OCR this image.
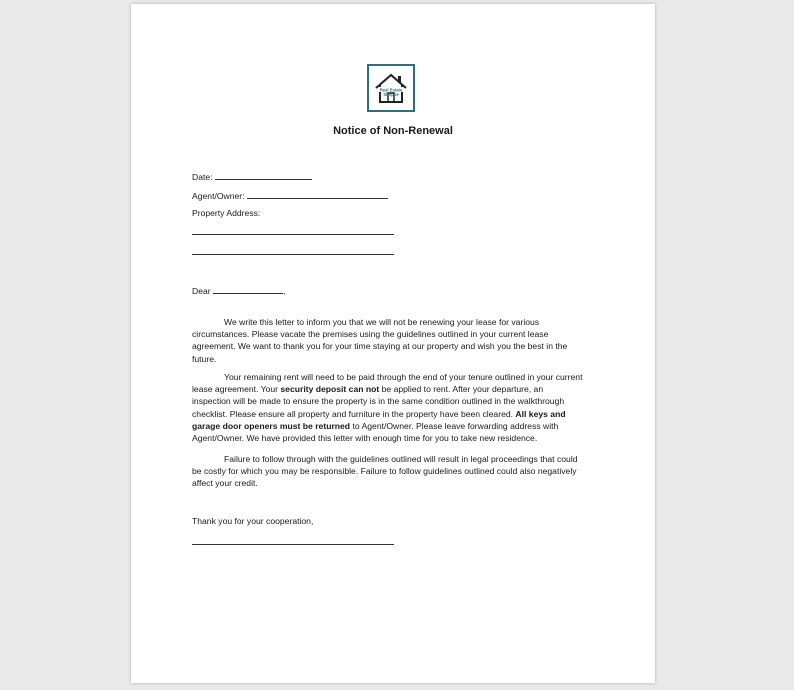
Real Estate
Shoppe
Notice of Non-Renewal
Date:
Agent/Owner:
Property Address:
Dear	,
We write this letter to inform you that we will not be renewing your lease for various circumstances. Please vacate the premises using the guidelines outlined in your current lease agreement. We want to thank you for your time staying at our property and wish you the best in the future.
Your remaining rent will need to be paid through the end of your tenure outlined in your current lease agreement. Your security deposit can not be applied to rent. After your departure, an inspection will be made to ensure the property is in the same condition outlined in the walkthrough checklist. Please ensure all property and furniture in the property have been cleared. All keys and garage door openers must be returned to Agent/Owner. Please leave forwarding address with Agent/Owner. We have provided this letter with enough time for you to take new residence.
Failure to follow through with the guidelines outlined will result in legal proceedings that could be costly for which you may be responsible. Failure to follow guidelines outlined could also negatively affect your credit.
Thank you for your cooperation,
